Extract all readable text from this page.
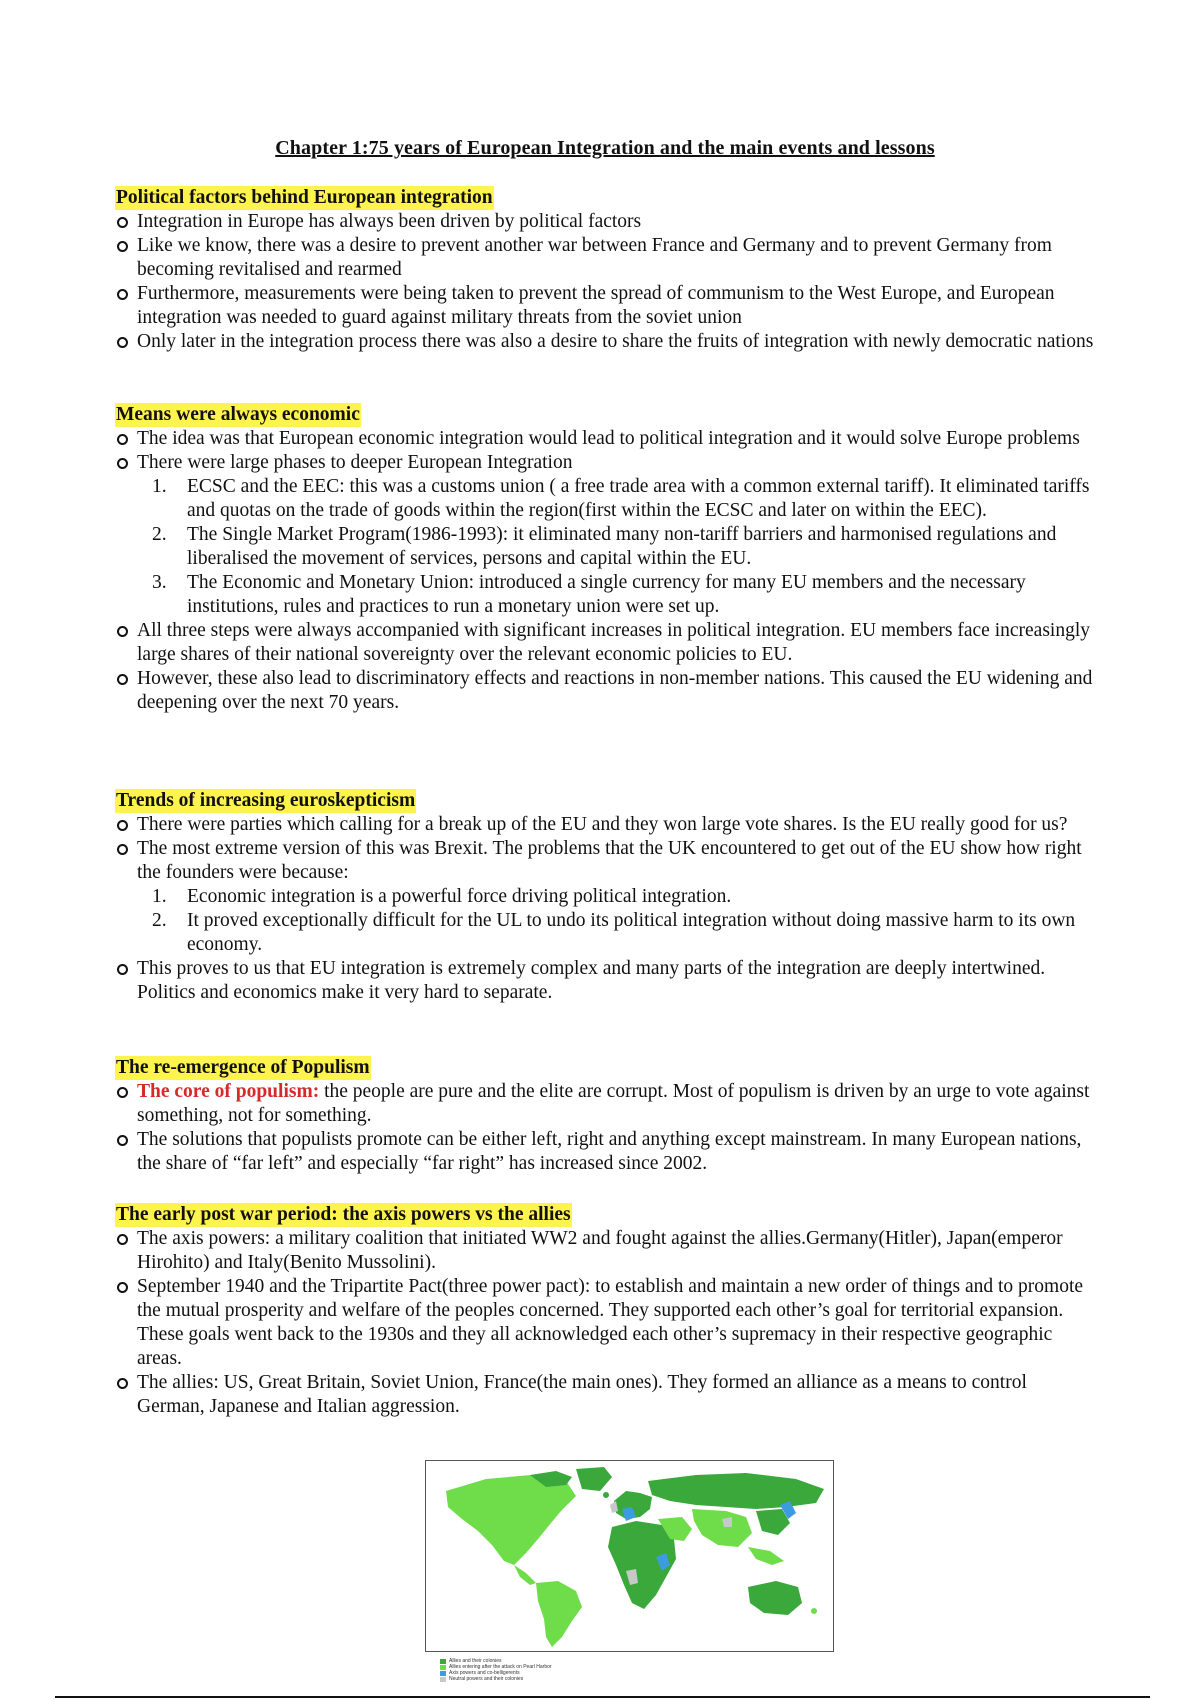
Chapter 1:75 years of European Integration and the main events and lessons
Political factors behind European integration
Integration in Europe has always been driven by political factors
Like we know, there was a desire to prevent another war between France and Germany and to prevent Germany from becoming revitalised and rearmed
Furthermore, measurements were being taken to prevent the spread of communism to the West Europe, and European integration was needed to guard against military threats from the soviet union
Only later in the integration process there was also a desire to share the fruits of integration with newly democratic nations
Means were always economic
The idea was that European economic integration would lead to political integration and it would solve Europe problems
There were large phases to deeper European Integration
1. ECSC and the EEC: this was a customs union ( a free trade area with a common external tariff). It eliminated tariffs and quotas on the trade of goods within the region(first within the ECSC and later on within the EEC).
2. The Single Market Program(1986-1993): it eliminated many non-tariff barriers and harmonised regulations and liberalised the movement of services, persons and capital within the EU.
3. The Economic and Monetary Union: introduced a single currency for many EU members and the necessary institutions, rules and practices to run a monetary union were set up.
All three steps were always accompanied with significant increases in political integration. EU members face increasingly large shares of their national sovereignty over the relevant economic policies to EU.
However, these also lead to discriminatory effects and reactions in non-member nations. This caused the EU widening and deepening over the next 70 years.
Trends of increasing euroskepticism
There were parties which calling for a break up of the EU and they won large vote shares. Is the EU really good for us?
The most extreme version of this was Brexit. The problems that the UK encountered to get out of the EU show how right the founders were because:
1. Economic integration is a powerful force driving political integration.
2. It proved exceptionally difficult for the UL to undo its political integration without doing massive harm to its own economy.
This proves to us that EU integration is extremely complex and many parts of the integration are deeply intertwined. Politics and economics make it very hard to separate.
The re-emergence of Populism
The core of populism: the people are pure and the elite are corrupt. Most of populism is driven by an urge to vote against something, not for something.
The solutions that populists promote can be either left, right and anything except mainstream. In many European nations, the share of “far left” and especially “far right” has increased since 2002.
The early post war period: the axis powers vs the allies
The axis powers: a military coalition that initiated WW2 and fought against the allies.Germany(Hitler), Japan(emperor Hirohito) and Italy(Benito Mussolini).
September 1940 and the Tripartite Pact(three power pact): to establish and maintain a new order of things and to promote the mutual prosperity and welfare of the peoples concerned. They supported each other’s goal for territorial expansion. These goals went back to the 1930s and they all acknowledged each other’s supremacy in their respective geographic areas.
The allies: US, Great Britain, Soviet Union, France(the main ones). They formed an alliance as a means to control German, Japanese and Italian aggression.
Allies and their colonies
Allies entering after the attack on Pearl Harbor
Axis powers and co-belligerents
Neutral powers and their colonies
